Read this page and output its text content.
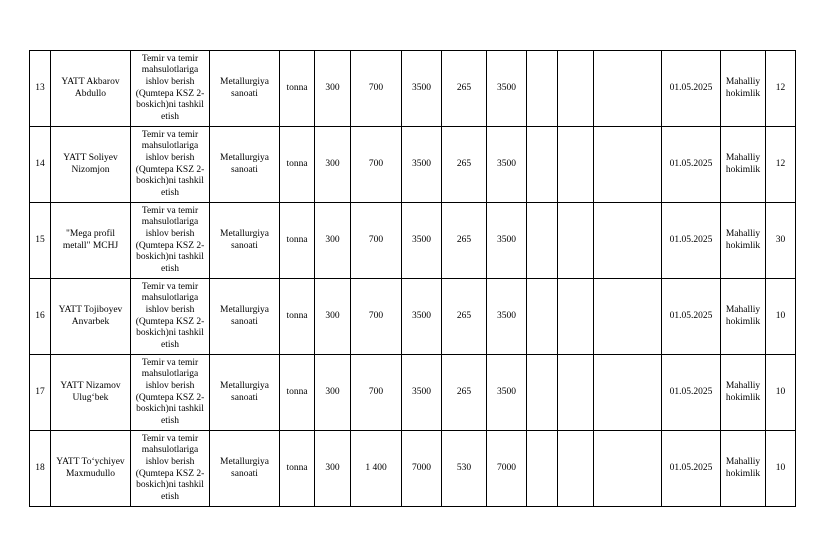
13	YATT Akbarov Abdullo	Temir va temir mahsulotlariga ishlov berish (Qumtepa KSZ 2- boskich)ni tashkil etish	Metallurgiya sanoati	tonna	300	700	3500	265	3500				01.05.2025	Mahalliy hokimlik	12
14	YATT Soliyev Nizomjon	Temir va temir mahsulotlariga ishlov berish (Qumtepa KSZ 2- boskich)ni tashkil etish	Metallurgiya sanoati	tonna	300	700	3500	265	3500				01.05.2025	Mahalliy hokimlik	12
15	"Mega profil metall" MCHJ	Temir va temir mahsulotlariga ishlov berish (Qumtepa KSZ 2- boskich)ni tashkil etish	Metallurgiya sanoati	tonna	300	700	3500	265	3500				01.05.2025	Mahalliy hokimlik	30
16	YATT Tojiboyev Anvarbek	Temir va temir mahsulotlariga ishlov berish (Qumtepa KSZ 2- boskich)ni tashkil etish	Metallurgiya sanoati	tonna	300	700	3500	265	3500				01.05.2025	Mahalliy hokimlik	10
17	YATT Nizamov Ulug‘bek	Temir va temir mahsulotlariga ishlov berish (Qumtepa KSZ 2- boskich)ni tashkil etish	Metallurgiya sanoati	tonna	300	700	3500	265	3500				01.05.2025	Mahalliy hokimlik	10
18	YATT To‘ychiyev Maxmudullo	Temir va temir mahsulotlariga ishlov berish (Qumtepa KSZ 2- boskich)ni tashkil etish	Metallurgiya sanoati	tonna	300	1 400	7000	530	7000				01.05.2025	Mahalliy hokimlik	10
